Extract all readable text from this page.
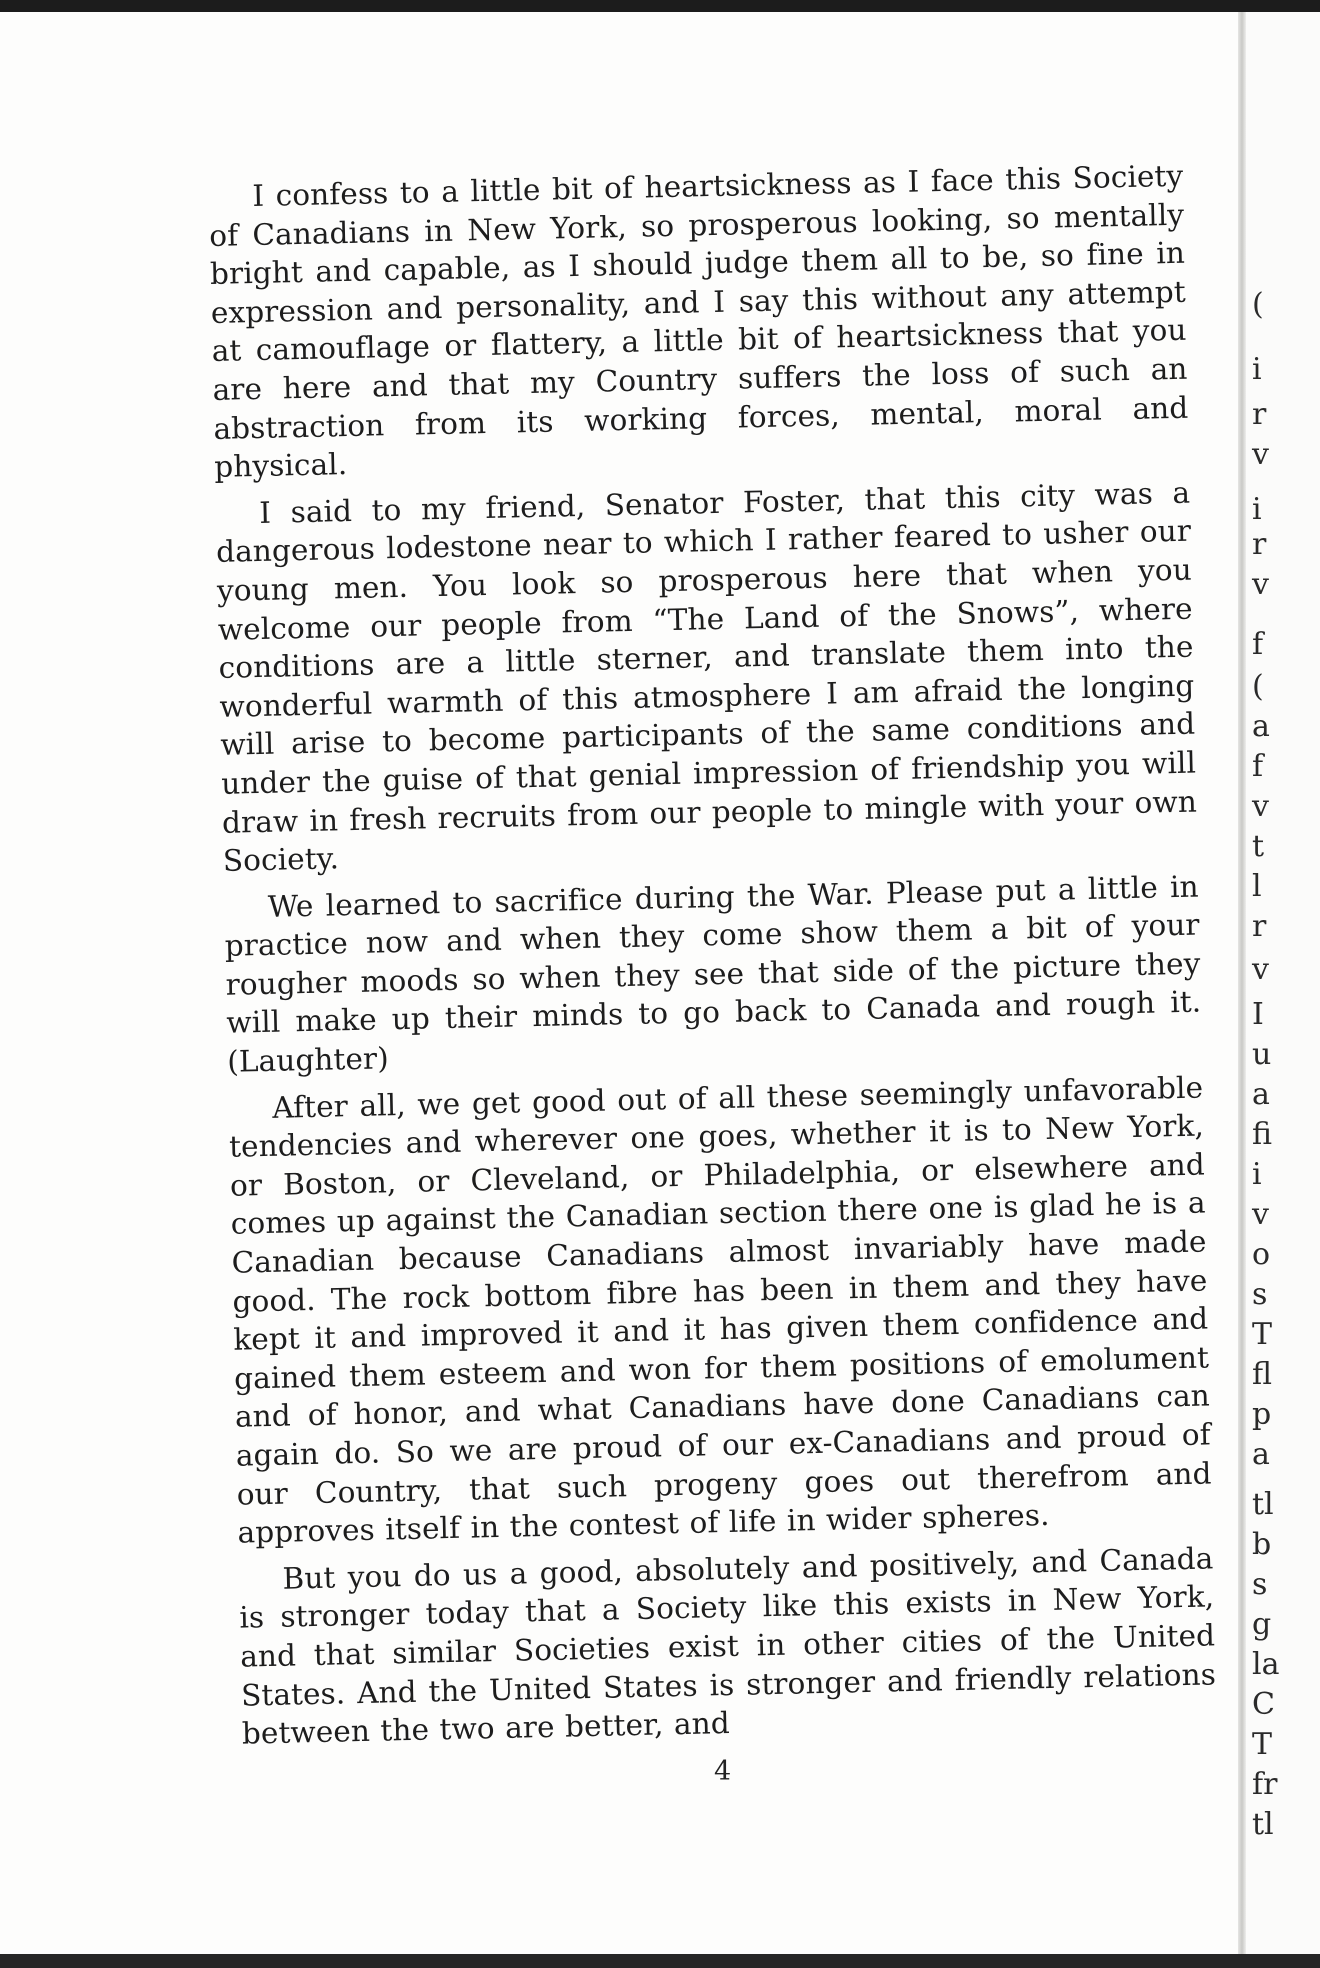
I confess to a little bit of heartsickness as I face this Society of Canadians in New York, so prosperous looking, so mentally bright and capable, as I should judge them all to be, so fine in expression and personality, and I say this without any attempt at camouflage or flattery, a little bit of heartsickness that you are here and that my Country suffers the loss of such an abstraction from its working forces, mental, moral and physical.

I said to my friend, Senator Foster, that this city was a dangerous lodestone near to which I rather feared to usher our young men. You look so prosperous here that when you welcome our people from “The Land of the Snows”, where conditions are a little sterner, and translate them into the wonderful warmth of this atmosphere I am afraid the longing will arise to become participants of the same conditions and under the guise of that genial impression of friendship you will draw in fresh recruits from our people to mingle with your own Society.

We learned to sacrifice during the War. Please put a little in practice now and when they come show them a bit of your rougher moods so when they see that side of the picture they will make up their minds to go back to Canada and rough it. (Laughter)

After all, we get good out of all these seemingly unfavorable tendencies and wherever one goes, whether it is to New York, or Boston, or Cleveland, or Philadelphia, or elsewhere and comes up against the Canadian section there one is glad he is a Canadian because Canadians almost invariably have made good. The rock bottom fibre has been in them and they have kept it and improved it and it has given them confidence and gained them esteem and won for them positions of emolument and of honor, and what Canadians have done Canadians can again do. So we are proud of our ex-Canadians and proud of our Country, that such progeny goes out therefrom and approves itself in the contest of life in wider spheres.

But you do us a good, absolutely and positively, and Canada is stronger today that a Society like this exists in New York, and that similar Societies exist in other cities of the United States. And the United States is stronger and friendly relations between the two are better, and

4
(
i
r
v
i
r
v
f
(
a
f
v
t
l
r
v
I
u
a
fi
i
v
o
s
T
fl
p
a
tl
b
s
g
la
C
T
fr
tl
